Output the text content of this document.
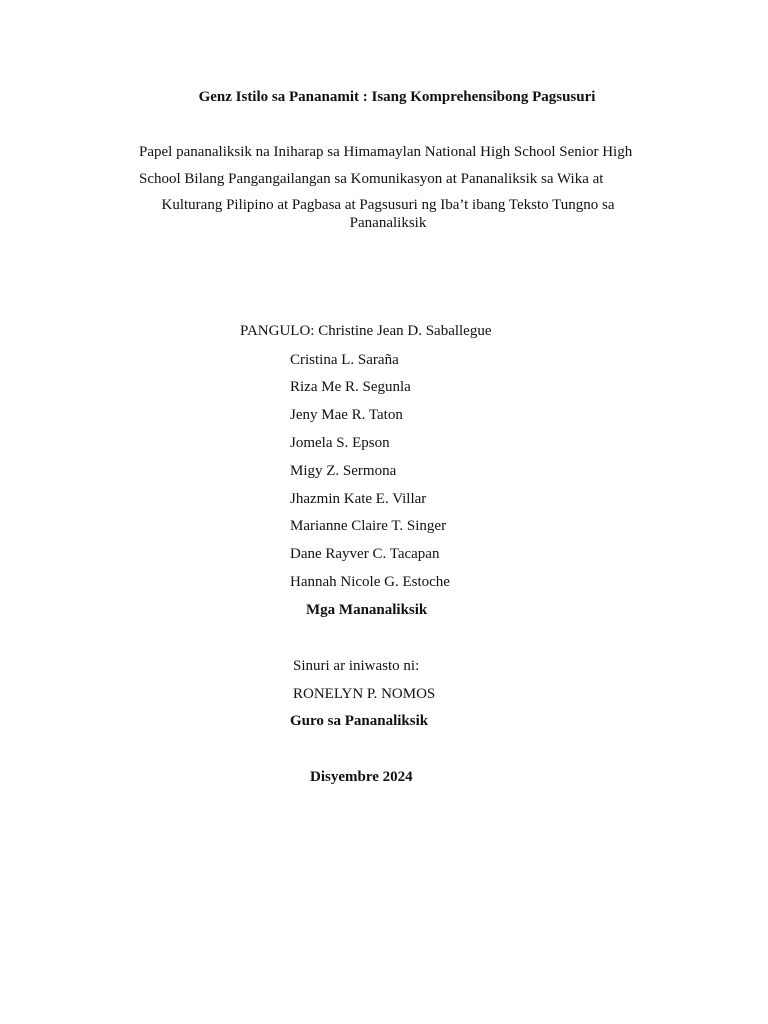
Genz Istilo sa Pananamit : Isang Komprehensibong Pagsusuri
Papel pananaliksik na Iniharap sa Himamaylan National High School Senior High
School Bilang Pangangailangan sa Komunikasyon at Pananaliksik sa Wika at
Kulturang Pilipino at Pagbasa at Pagsusuri ng Iba’t ibang Teksto Tungno sa
Pananaliksik
PANGULO: Christine Jean D. Saballegue
Cristina L. Saraña
Riza Me R. Segunla
Jeny Mae R. Taton
Jomela S. Epson
Migy Z. Sermona
Jhazmin Kate E. Villar
Marianne Claire T. Singer
Dane Rayver C. Tacapan
Hannah Nicole G. Estoche
Mga Mananaliksik
Sinuri ar iniwasto ni:
RONELYN P. NOMOS
Guro sa Pananaliksik
Disyembre 2024
